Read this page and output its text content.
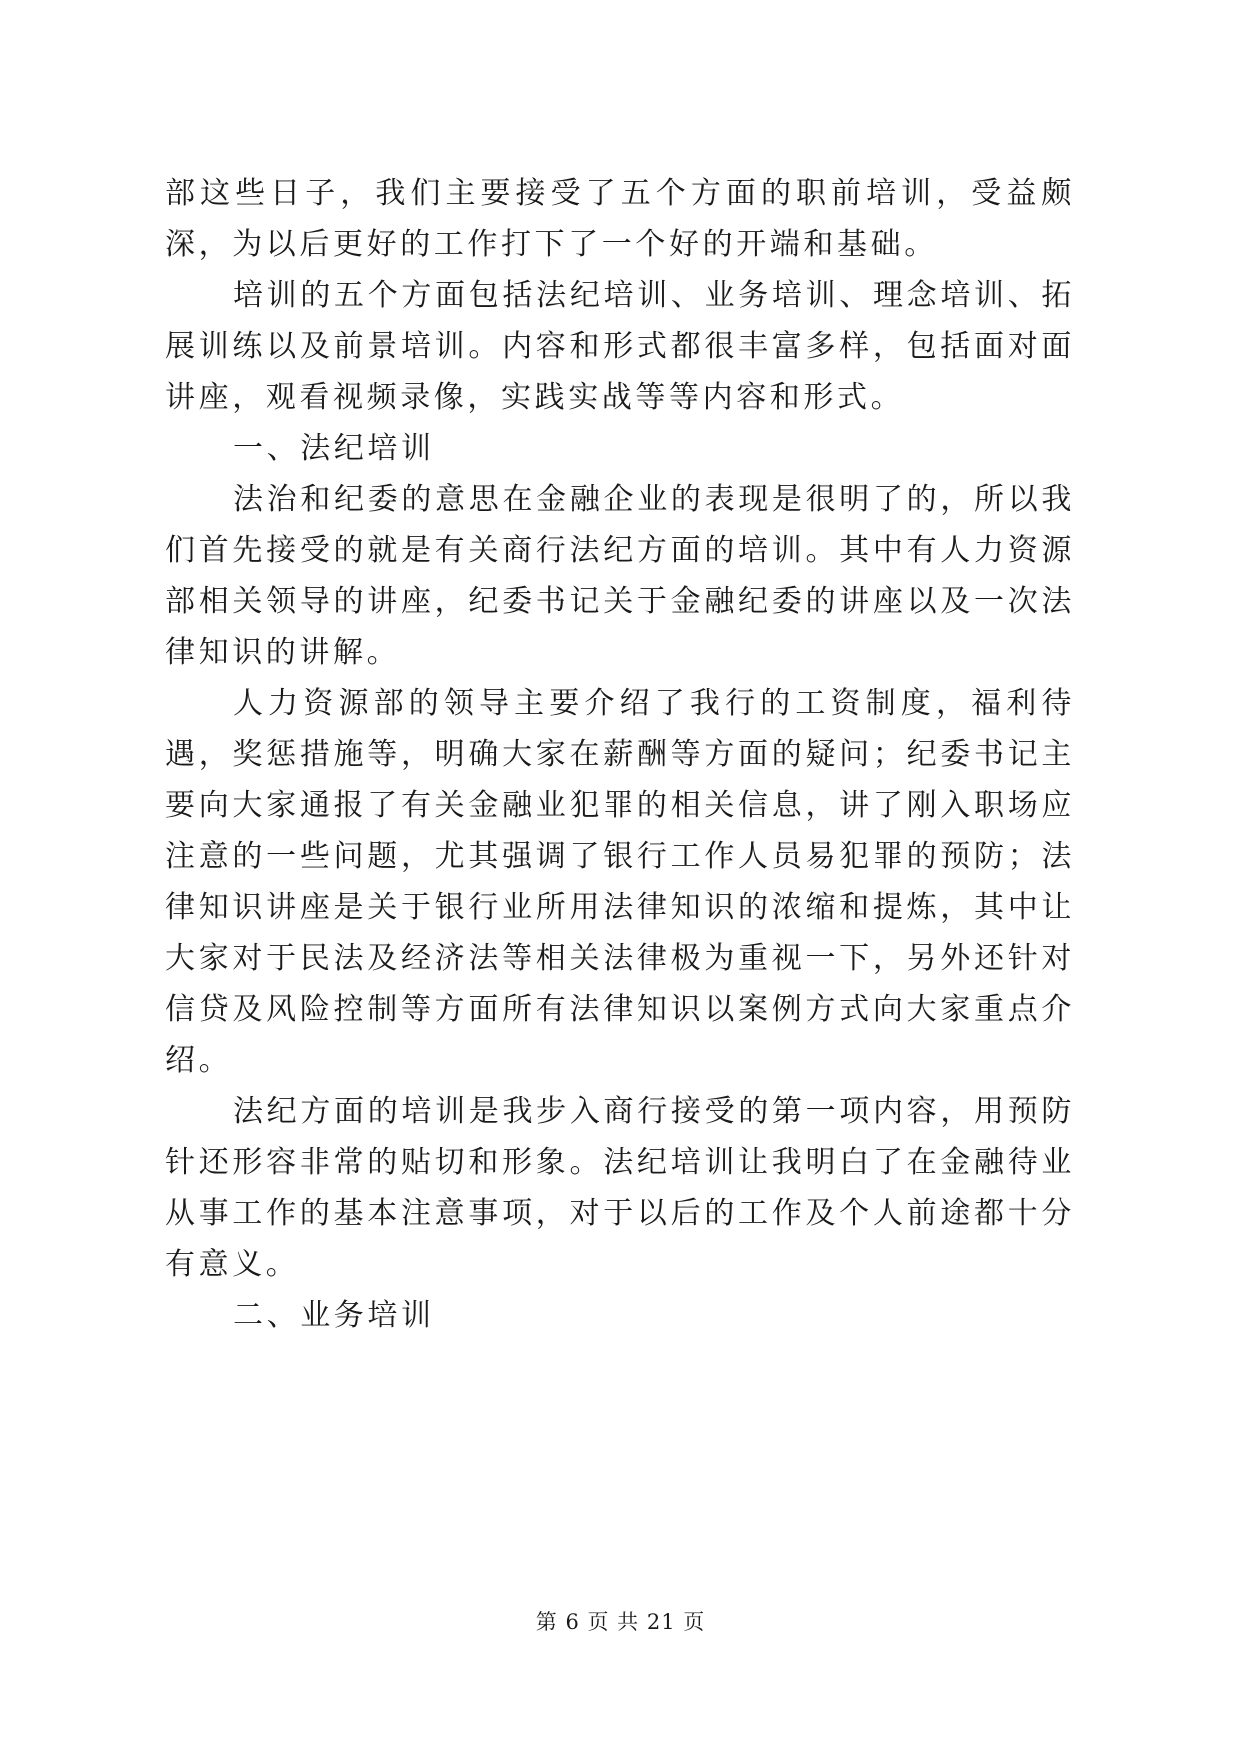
部这些日子，我们主要接受了五个方面的职前培训，受益颇深，为以后更好的工作打下了一个好的开端和基础。

培训的五个方面包括法纪培训、业务培训、理念培训、拓展训练以及前景培训。内容和形式都很丰富多样，包括面对面讲座，观看视频录像，实践实战等等内容和形式。

一、法纪培训

法治和纪委的意思在金融企业的表现是很明了的，所以我们首先接受的就是有关商行法纪方面的培训。其中有人力资源部相关领导的讲座，纪委书记关于金融纪委的讲座以及一次法律知识的讲解。

人力资源部的领导主要介绍了我行的工资制度，福利待遇，奖惩措施等，明确大家在薪酬等方面的疑问；纪委书记主要向大家通报了有关金融业犯罪的相关信息，讲了刚入职场应注意的一些问题，尤其强调了银行工作人员易犯罪的预防；法律知识讲座是关于银行业所用法律知识的浓缩和提炼，其中让大家对于民法及经济法等相关法律极为重视一下，另外还针对信贷及风险控制等方面所有法律知识以案例方式向大家重点介绍。

法纪方面的培训是我步入商行接受的第一项内容，用预防针还形容非常的贴切和形象。法纪培训让我明白了在金融待业从事工作的基本注意事项，对于以后的工作及个人前途都十分有意义。

二、业务培训

第 6 页 共 21 页
